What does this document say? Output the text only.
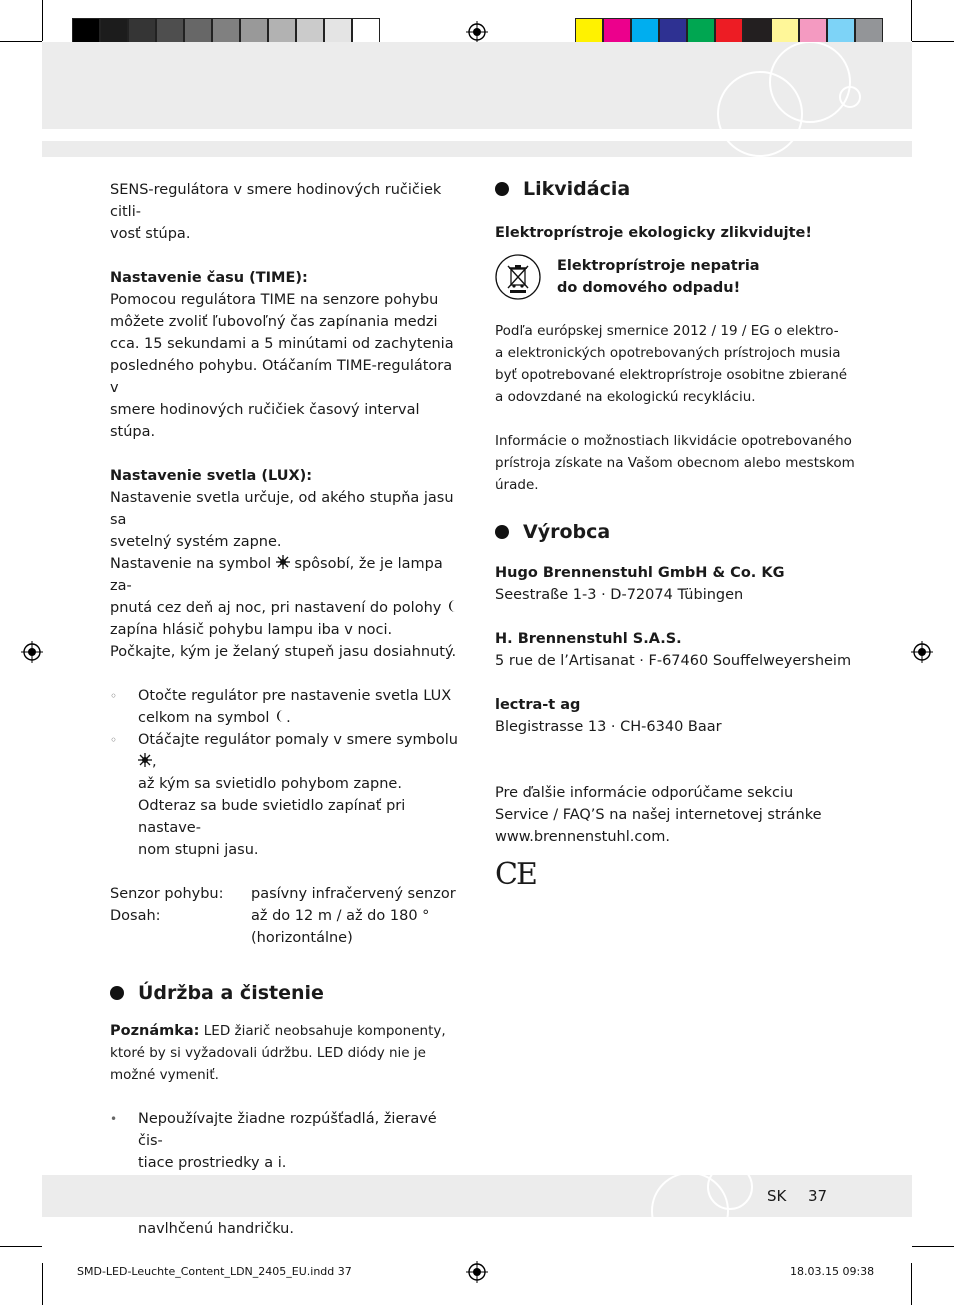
SENS-regulátora v smere hodinových ručičiek citli-

vosť stúpa.

Nastavenie času (TIME):

Pomocou regulátora TIME na senzore pohybu

môžete zvoliť ľubovoľný čas zapínania medzi

cca. 15 sekundami a 5 minútami od zachytenia

posledného pohybu. Otáčaním TIME-regulátora v

smere hodinových ručičiek časový interval stúpa.

Nastavenie svetla (LUX):

Nastavenie svetla určuje, od akého stupňa jasu sa

svetelný systém zapne.

Nastavenie na symbol  spôsobí, že je lampa za-

pnutá cez deň aj noc, pri nastavení do polohy

zapína hlásič pohybu lampu iba v noci.

Počkajte, kým je želaný stupeň jasu dosiahnutý.

◦ Otočte regulátor pre nastavenie svetla LUX

celkom na symbol .

◦ Otáčajte regulátor pomaly v smere symbolu ,

až kým sa svietidlo pohybom zapne.

Odteraz sa bude svietidlo zapínať pri nastave-

nom stupni jasu.

Senzor pohybu:	pasívny infračervený senzor
Dosah:	až do 12 m / až do 180 °
(horizontálne)
Údržba a čistenie

Poznámka: LED žiarič neobsahuje komponenty,

ktoré by si vyžadovali údržbu. LED diódy nie je

možné vymeniť.

• Nepoužívajte žiadne rozpúšťadlá, žieravé čis-

tiace prostriedky a i.

navlhčenú handričku.

Likvidácia

Elektroprístroje ekologicky zlikvidujte!

Elektroprístroje nepatria

do domového odpadu!

Podľa európskej smernice 2012 / 19 / EG o elektro-

a elektronických opotrebovaných prístrojoch musia

byť opotrebované elektroprístroje osobitne zbierané

a odovzdané na ekologickú recykláciu.

Informácie o možnostiach likvidácie opotrebovaného

prístroja získate na Vašom obecnom alebo mestskom

úrade.

Výrobca

Hugo Brennenstuhl GmbH & Co. KG

Seestraße 1-3 · D-72074 Tübingen

H. Brennenstuhl S.A.S.

5 rue de l’Artisanat · F-67460 Souffelweyersheim

lectra-t ag

Blegistrasse 13 · CH-6340 Baar

Pre ďalšie informácie odporúčame sekciu

Service / FAQ’S na našej internetovej stránke

www.brennenstuhl.com.

CE
SK 37
SMD-LED-Leuchte_Content_LDN_2405_EU.indd 37	18.03.15 09:38
